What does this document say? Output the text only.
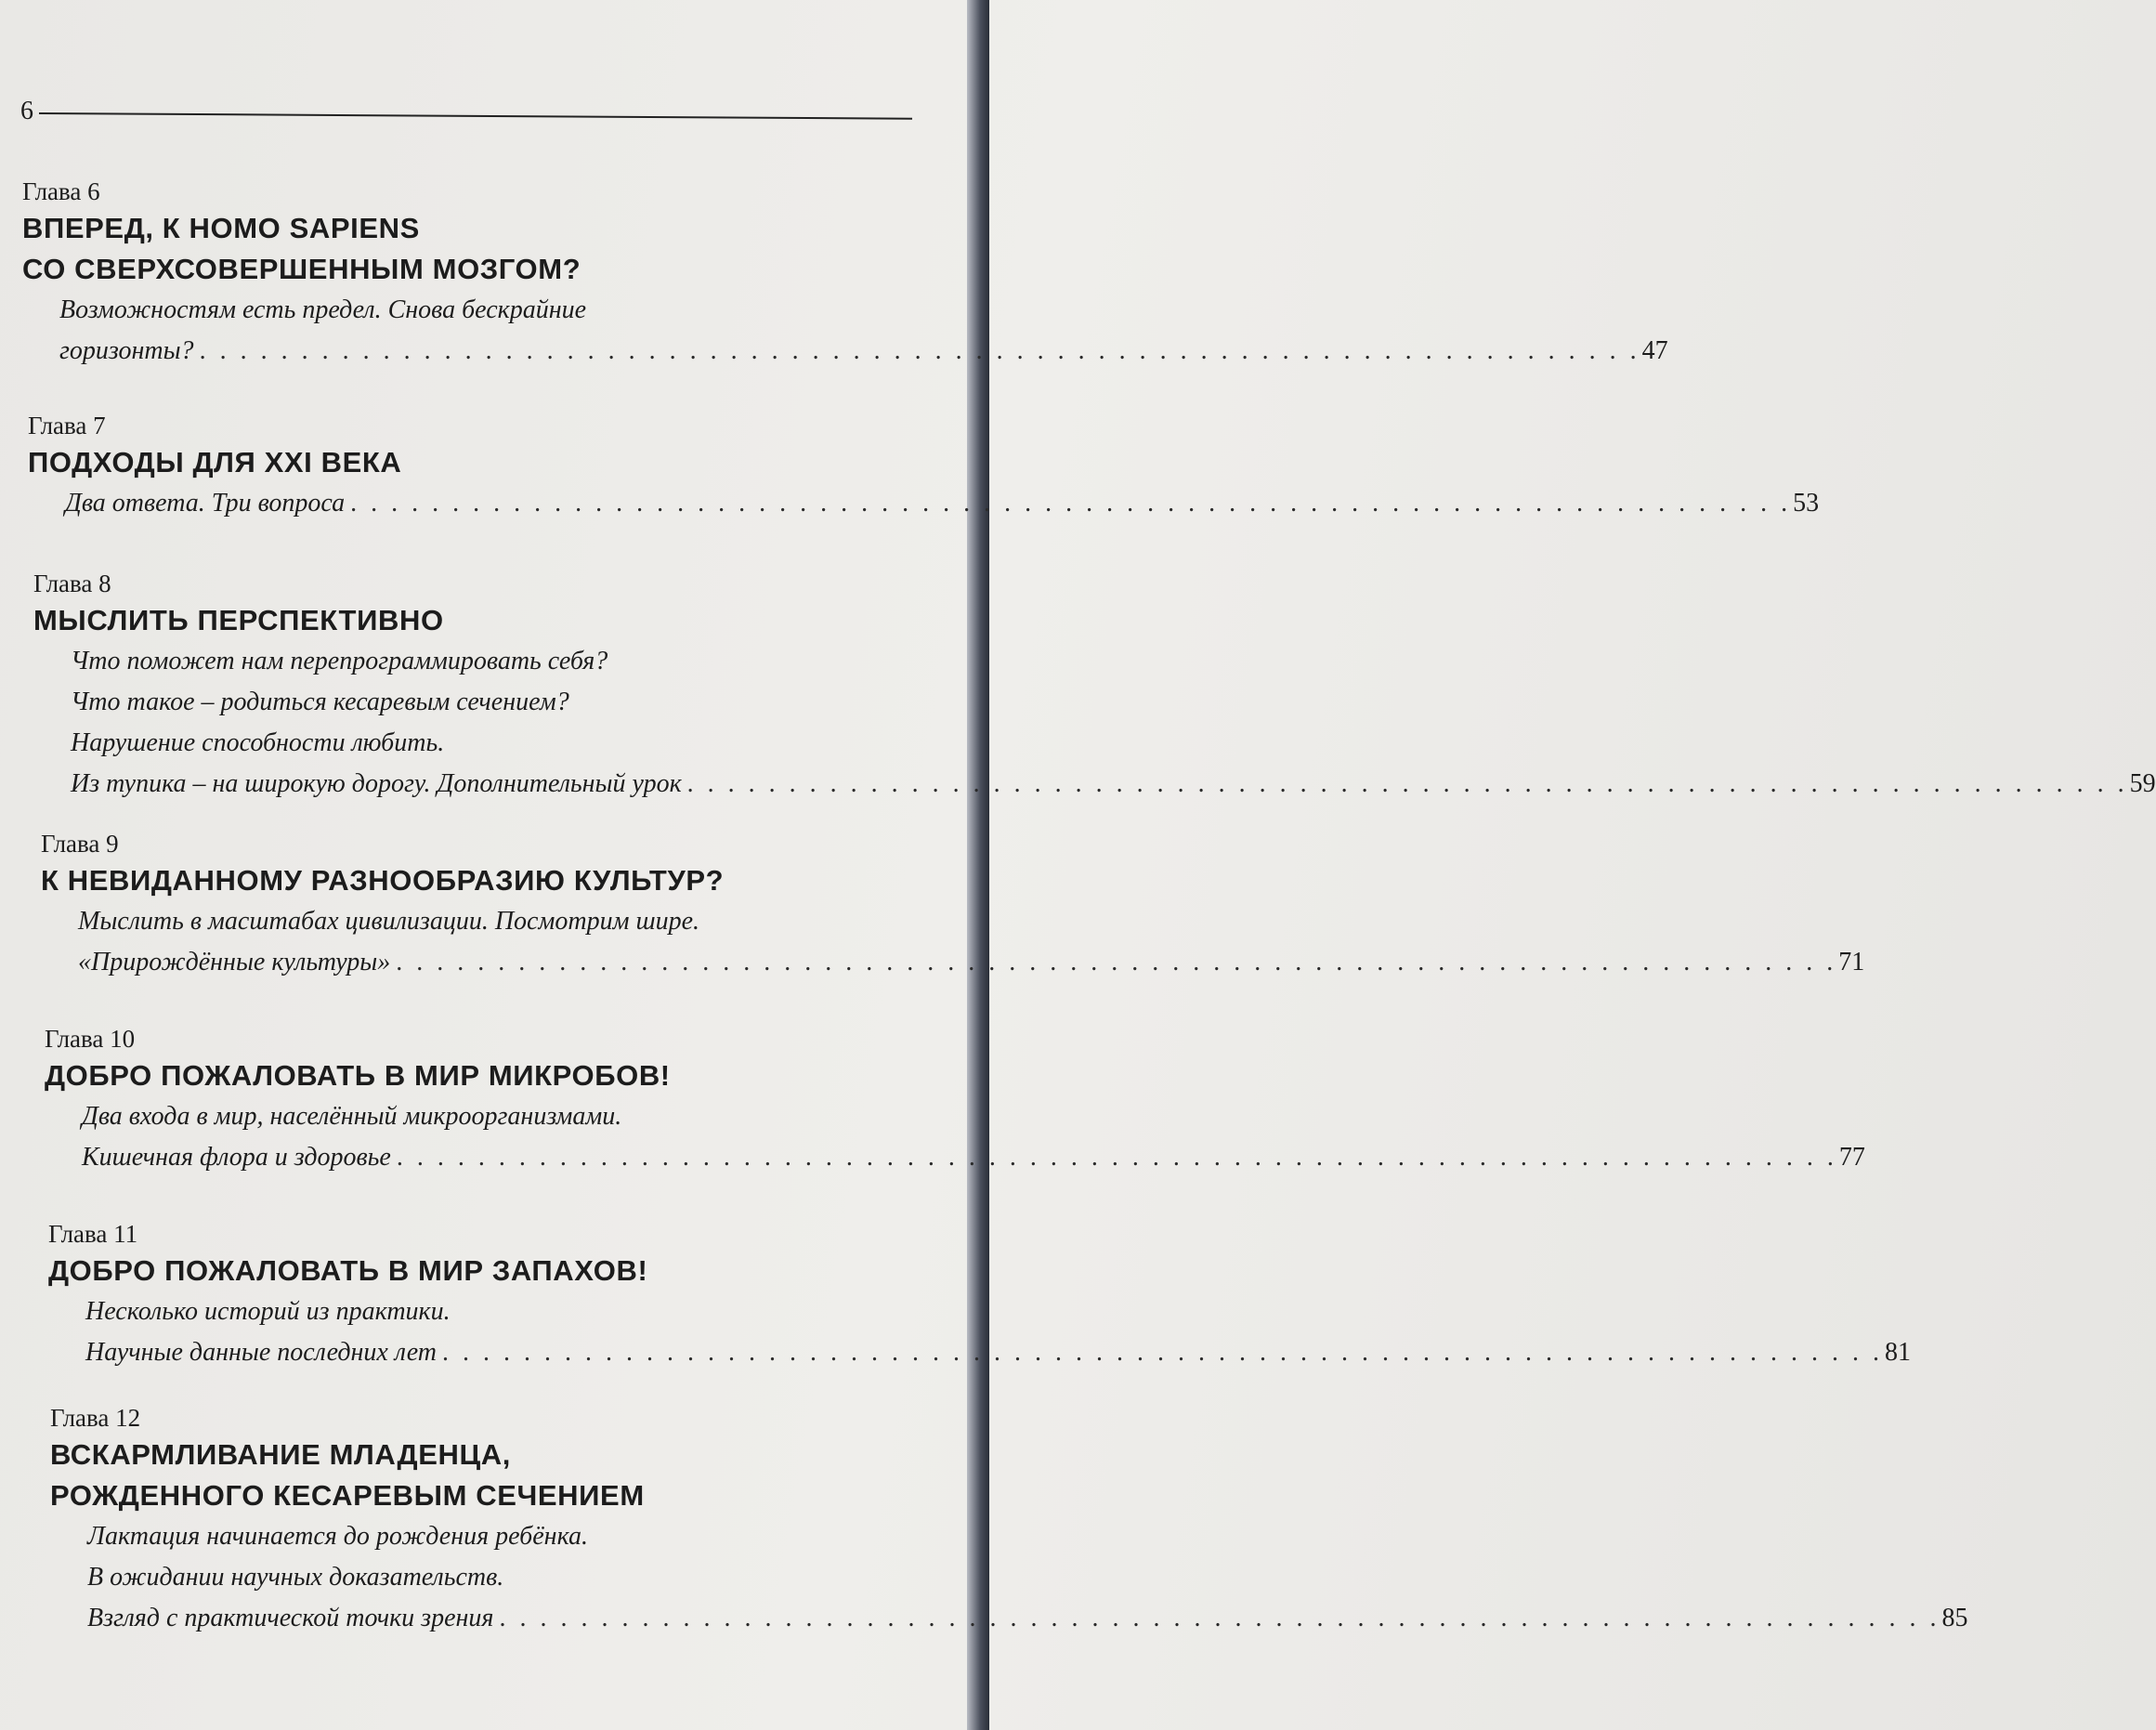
6
Глава 6
ВПЕРЕД, К HOMO SAPIENS
СО СВЕРХСОВЕРШЕННЫМ МОЗГОМ?
Возможностям есть предел. Снова бескрайние
горизонты? . . . . . . . . . . . . . . . . . . . . . . . . . . . . . . . . . . . . . . . . . . . . . . . . . . . . . . . . . . . . . . . . . . . . . . . 47
Глава 7
ПОДХОДЫ ДЛЯ XXI ВЕКА
Два ответа. Три вопроса . . . . . . . . . . . . . . . . . . . . . . . . . . . . . . . . . . . . . . . . . . . . . . . . . . . . . . . . . . . . . . . . . . . . . . . 53
Глава 8
МЫСЛИТЬ ПЕРСПЕКТИВНО
Что поможет нам перепрограммировать себя?
Что такое – родиться кесаревым сечением?
Нарушение способности любить.
Из тупика – на широкую дорогу. Дополнительный урок . . . . . . . . . . . . . . . . . . . . . . . . . . . . . . . . . . . . . . . . . . . . . . . . . . . . . . . . . . . . . . . . . . . . . . . 59
Глава 9
К НЕВИДАННОМУ РАЗНООБРАЗИЮ КУЛЬТУР?
Мыслить в масштабах цивилизации. Посмотрим шире.
«Прирождённые культуры» . . . . . . . . . . . . . . . . . . . . . . . . . . . . . . . . . . . . . . . . . . . . . . . . . . . . . . . . . . . . . . . . . . . . . . . 71
Глава 10
ДОБРО ПОЖАЛОВАТЬ В МИР МИКРОБОВ!
Два входа в мир, населённый микроорганизмами.
Кишечная флора и здоровье . . . . . . . . . . . . . . . . . . . . . . . . . . . . . . . . . . . . . . . . . . . . . . . . . . . . . . . . . . . . . . . . . . . . . . . 77
Глава 11
ДОБРО ПОЖАЛОВАТЬ В МИР ЗАПАХОВ!
Несколько историй из практики.
Научные данные последних лет . . . . . . . . . . . . . . . . . . . . . . . . . . . . . . . . . . . . . . . . . . . . . . . . . . . . . . . . . . . . . . . . . . . . . . . 81
Глава 12
ВСКАРМЛИВАНИЕ МЛАДЕНЦА,
РОЖДЕННОГО КЕСАРЕВЫМ СЕЧЕНИЕМ
Лактация начинается до рождения ребёнка.
В ожидании научных доказательств.
Взгляд с практической точки зрения . . . . . . . . . . . . . . . . . . . . . . . . . . . . . . . . . . . . . . . . . . . . . . . . . . . . . . . . . . . . . . . . . . . . . . . 85
